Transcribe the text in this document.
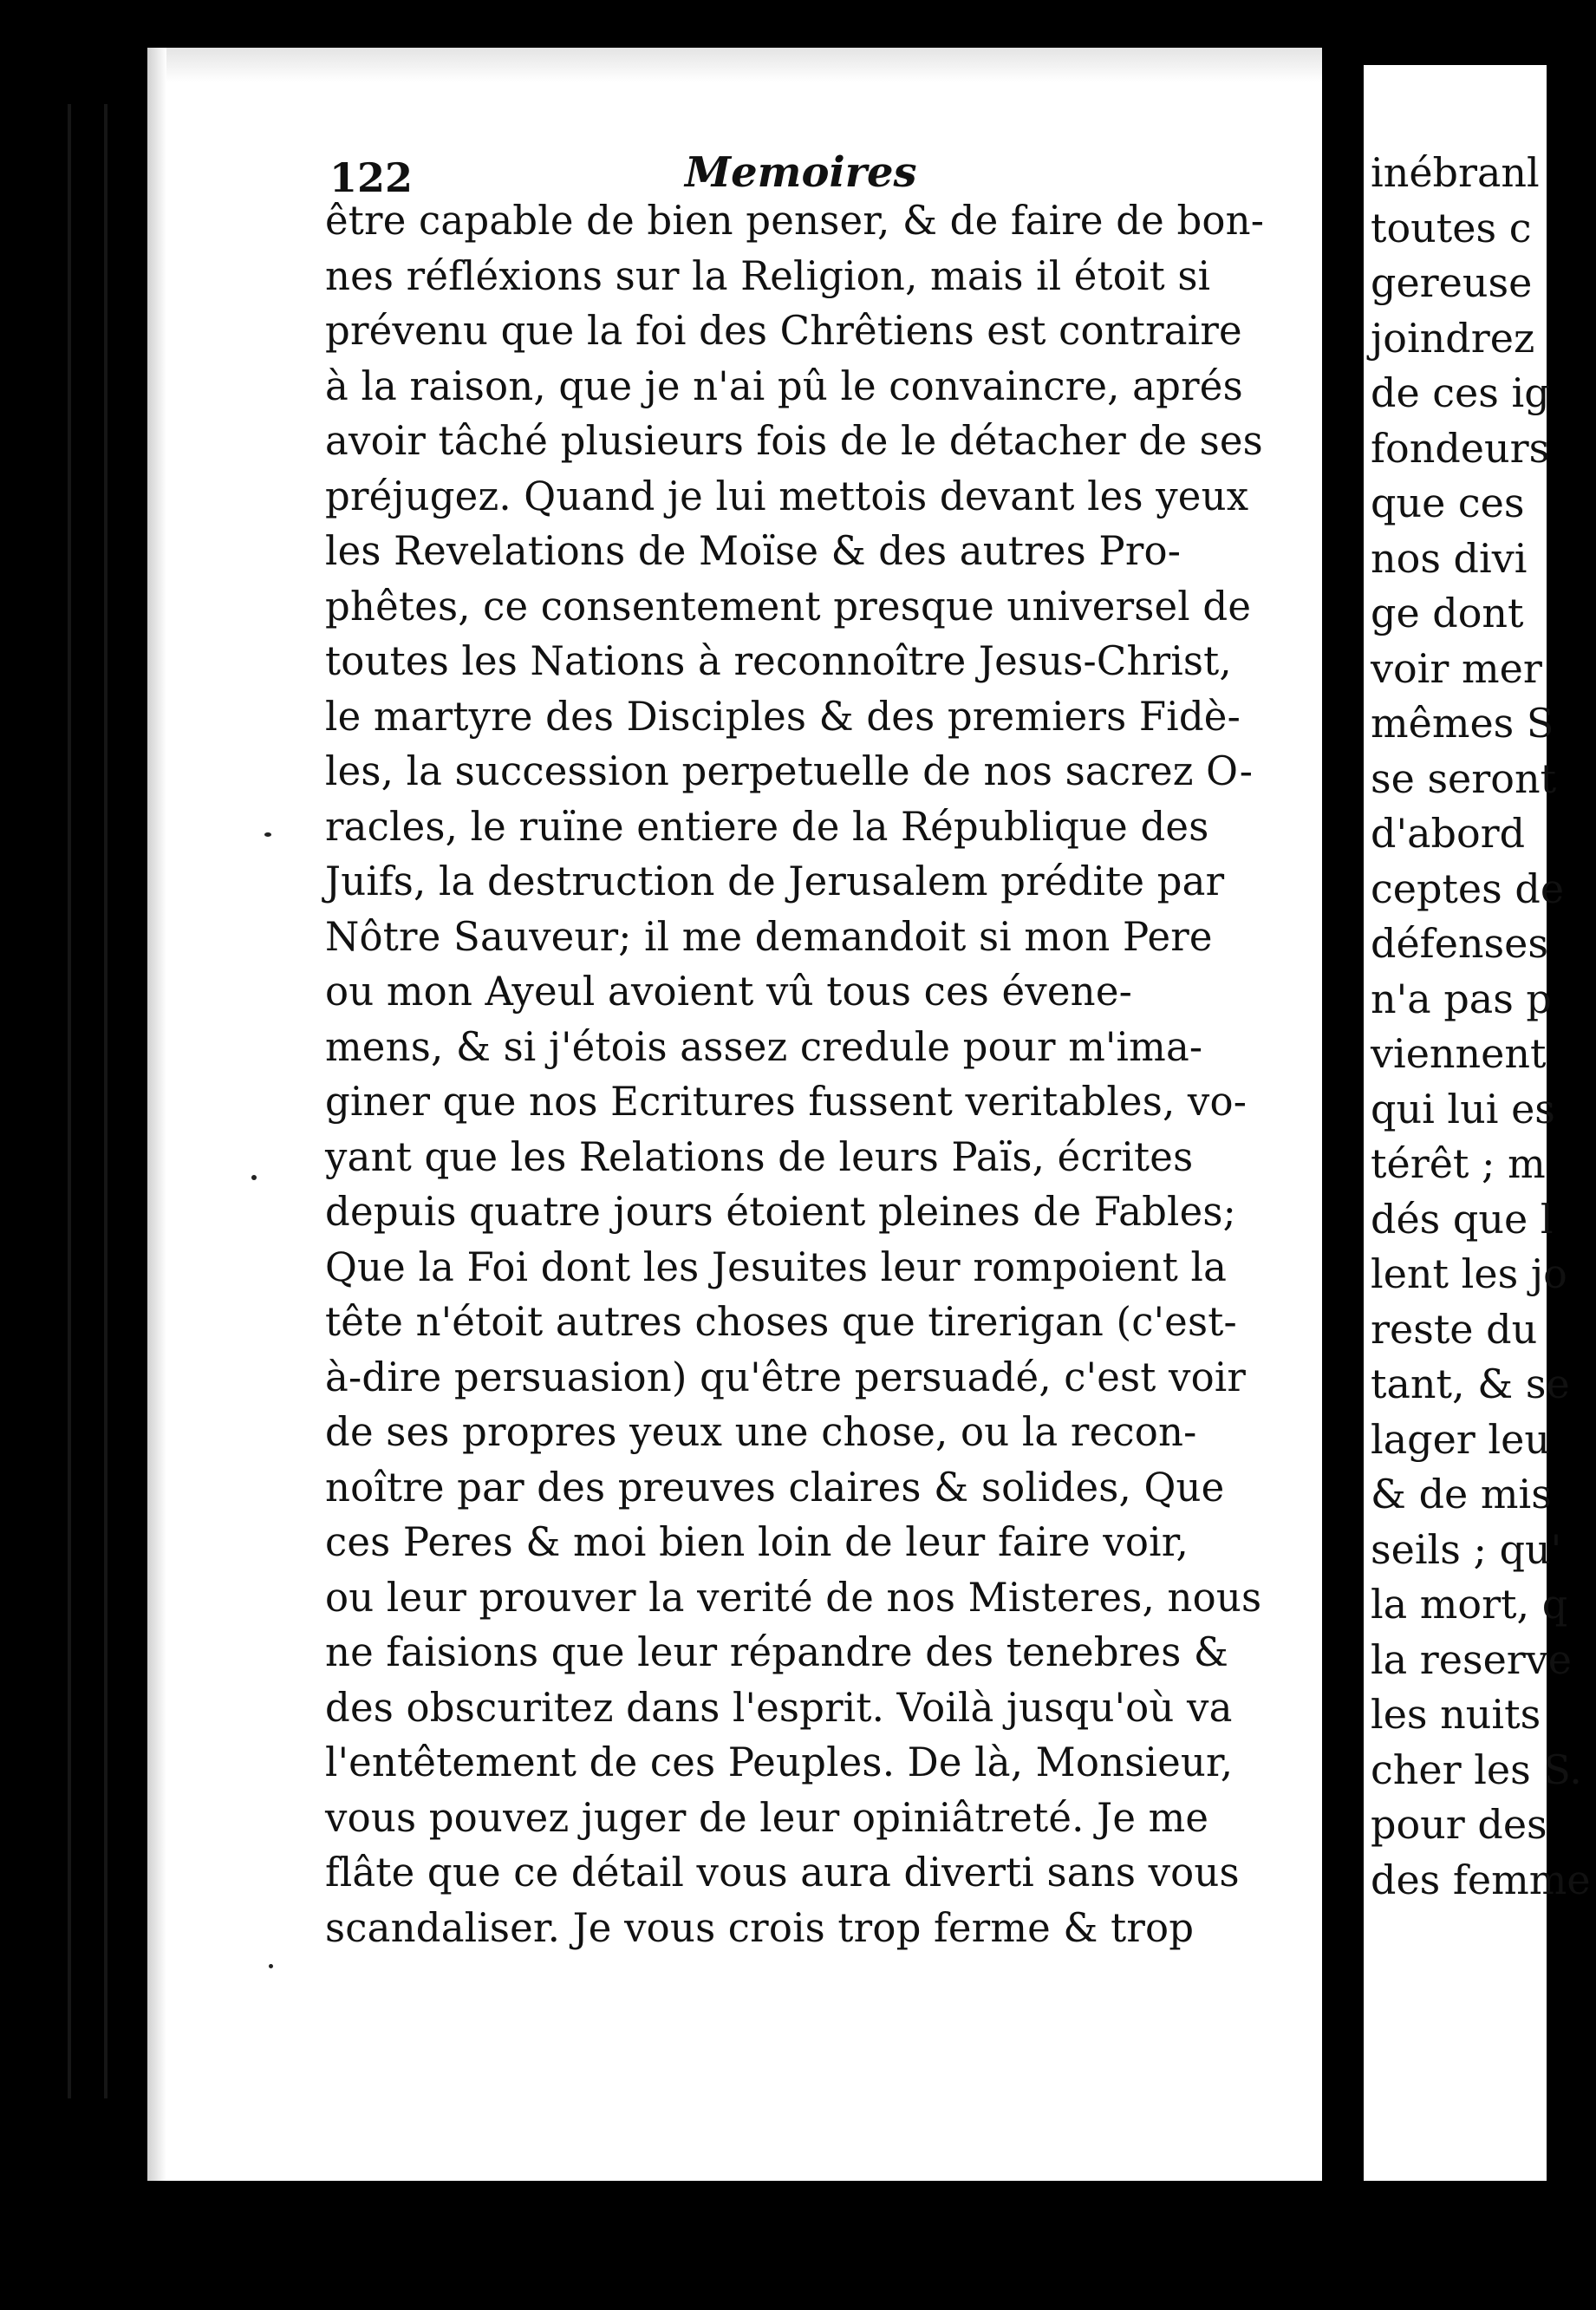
122	Memoires
être capable de bien penser, & de faire de bon-
nes réfléxions sur la Religion, mais il étoit si
prévenu que la foi des Chrêtiens est contraire
à la raison, que je n'ai pû le convaincre, aprés
avoir tâché plusieurs fois de le détacher de ses
préjugez. Quand je lui mettois devant les yeux
les Revelations de Moïse & des autres Pro-
phêtes, ce consentement presque universel de
toutes les Nations à reconnoître Jesus-Christ,
le martyre des Disciples & des premiers Fidè-
les, la succession perpetuelle de nos sacrez O-
racles, le ruïne entiere de la République des
Juifs, la destruction de Jerusalem prédite par
Nôtre Sauveur; il me demandoit si mon Pere
ou mon Ayeul avoient vû tous ces évene-
mens, & si j'étois assez credule pour m'ima-
giner que nos Ecritures fussent veritables, vo-
yant que les Relations de leurs Païs, écrites
depuis quatre jours étoient pleines de Fables;
Que la Foi dont les Jesuites leur rompoient la
tête n'étoit autres choses que tirerigan (c'est-
à-dire persuasion) qu'être persuadé, c'est voir
de ses propres yeux une chose, ou la recon-
noître par des preuves claires & solides, Que
ces Peres & moi bien loin de leur faire voir,
ou leur prouver la verité de nos Misteres, nous
ne faisions que leur répandre des tenebres &
des obscuritez dans l'esprit. Voilà jusqu'où va
l'entêtement de ces Peuples. De là, Monsieur,
vous pouvez juger de leur opiniâtreté. Je me
flâte que ce détail vous aura diverti sans vous
scandaliser. Je vous crois trop ferme & trop
inébranl
toutes c
gereuse
joindrez
de ces ig
fondeurs
que ces
nos divi
ge dont
voir mer
mêmes S
se seront
d'abord
ceptes de
défenses
n'a pas p
viennent
qui lui es
térêt ; m
dés que l
lent les jo
reste du
tant, & se
lager leu
& de mis
seils ; qu'
la mort, q
la reserve
les nuits
cher les S.
pour des
des femme
